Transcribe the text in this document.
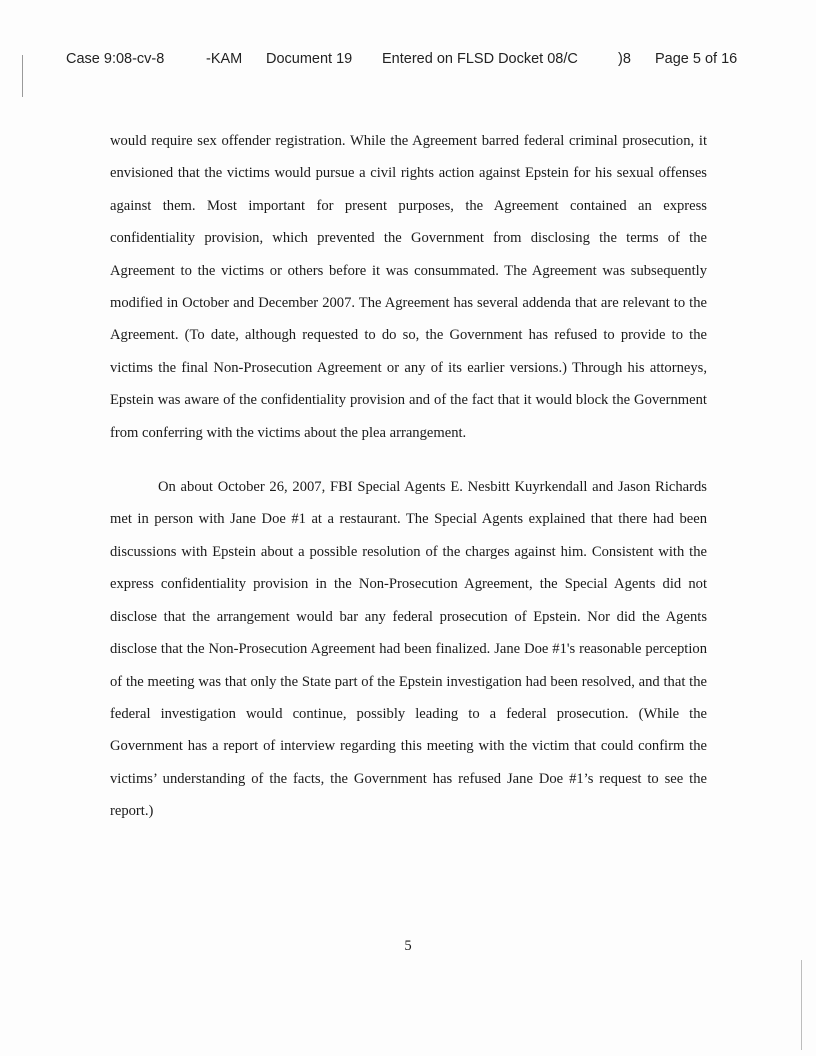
Case 9:08-cv-8	-KAM Document 19 Entered on FLSD Docket 08/C	)8 Page 5 of 16

would require sex offender registration. While the Agreement barred federal criminal prosecution, it envisioned that the victims would pursue a civil rights action against Epstein for his sexual offenses against them. Most important for present purposes, the Agreement contained an express confidentiality provision, which prevented the Government from disclosing the terms of the Agreement to the victims or others before it was consummated. The Agreement was subsequently modified in October and December 2007. The Agreement has several addenda that are relevant to the Agreement. (To date, although requested to do so, the Government has refused to provide to the victims the final Non-Prosecution Agreement or any of its earlier versions.) Through his attorneys, Epstein was aware of the confidentiality provision and of the fact that it would block the Government from conferring with the victims about the plea arrangement.

On about October 26, 2007, FBI Special Agents E. Nesbitt Kuyrkendall and Jason Richards met in person with Jane Doe #1 at a restaurant. The Special Agents explained that there had been discussions with Epstein about a possible resolution of the charges against him. Consistent with the express confidentiality provision in the Non-Prosecution Agreement, the Special Agents did not disclose that the arrangement would bar any federal prosecution of Epstein. Nor did the Agents disclose that the Non-Prosecution Agreement had been finalized. Jane Doe #1's reasonable perception of the meeting was that only the State part of the Epstein investigation had been resolved, and that the federal investigation would continue, possibly leading to a federal prosecution. (While the Government has a report of interview regarding this meeting with the victim that could confirm the victims’ understanding of the facts, the Government has refused Jane Doe #1’s request to see the report.)

5
